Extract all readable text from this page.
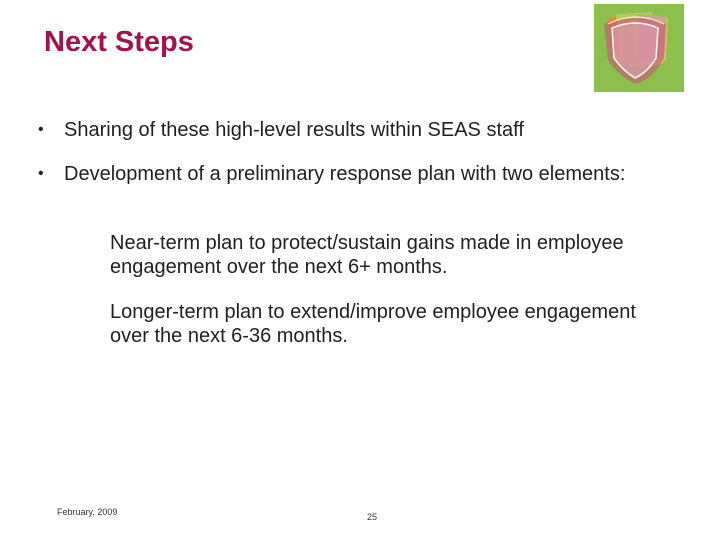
Next Steps
• Sharing of these high-level results within SEAS staff
• Development of a preliminary response plan with two elements:
Near-term plan to protect/sustain gains made in employee engagement over the next 6+ months.
Longer-term plan to extend/improve employee engagement over the next 6-36 months.
February, 2009	25
